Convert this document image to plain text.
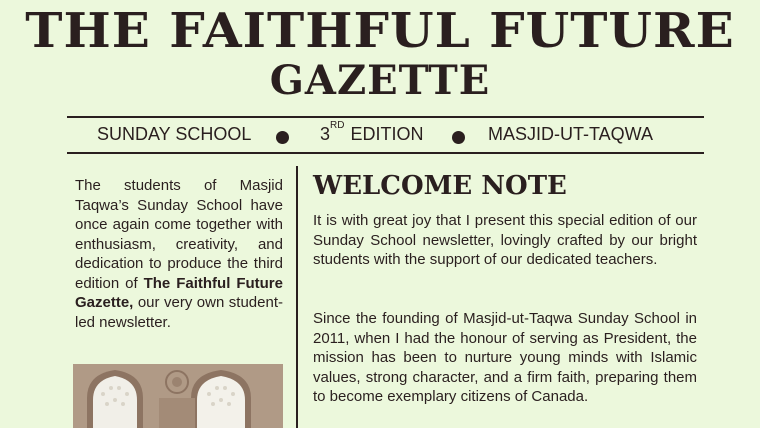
THE FAITHFUL FUTURE
GAZETTE
SUNDAY SCHOOL	3RD EDITION	MASJID-UT-TAQWA
The students of Masjid Taqwa’s Sunday School have once again come together with enthusiasm, creativity, and dedication to produce the third edition of The Faithful Future Gazette, our very own student-led newsletter.
WELCOME NOTE
It is with great joy that I present this special edition of our Sunday School newsletter, lovingly crafted by our bright students with the support of our dedicated teachers.
Since the founding of Masjid-ut-Taqwa Sunday School in 2011, when I had the honour of serving as President, the mission has been to nurture young minds with Islamic values, strong character, and a firm faith, preparing them to become exemplary citizens of Canada.
